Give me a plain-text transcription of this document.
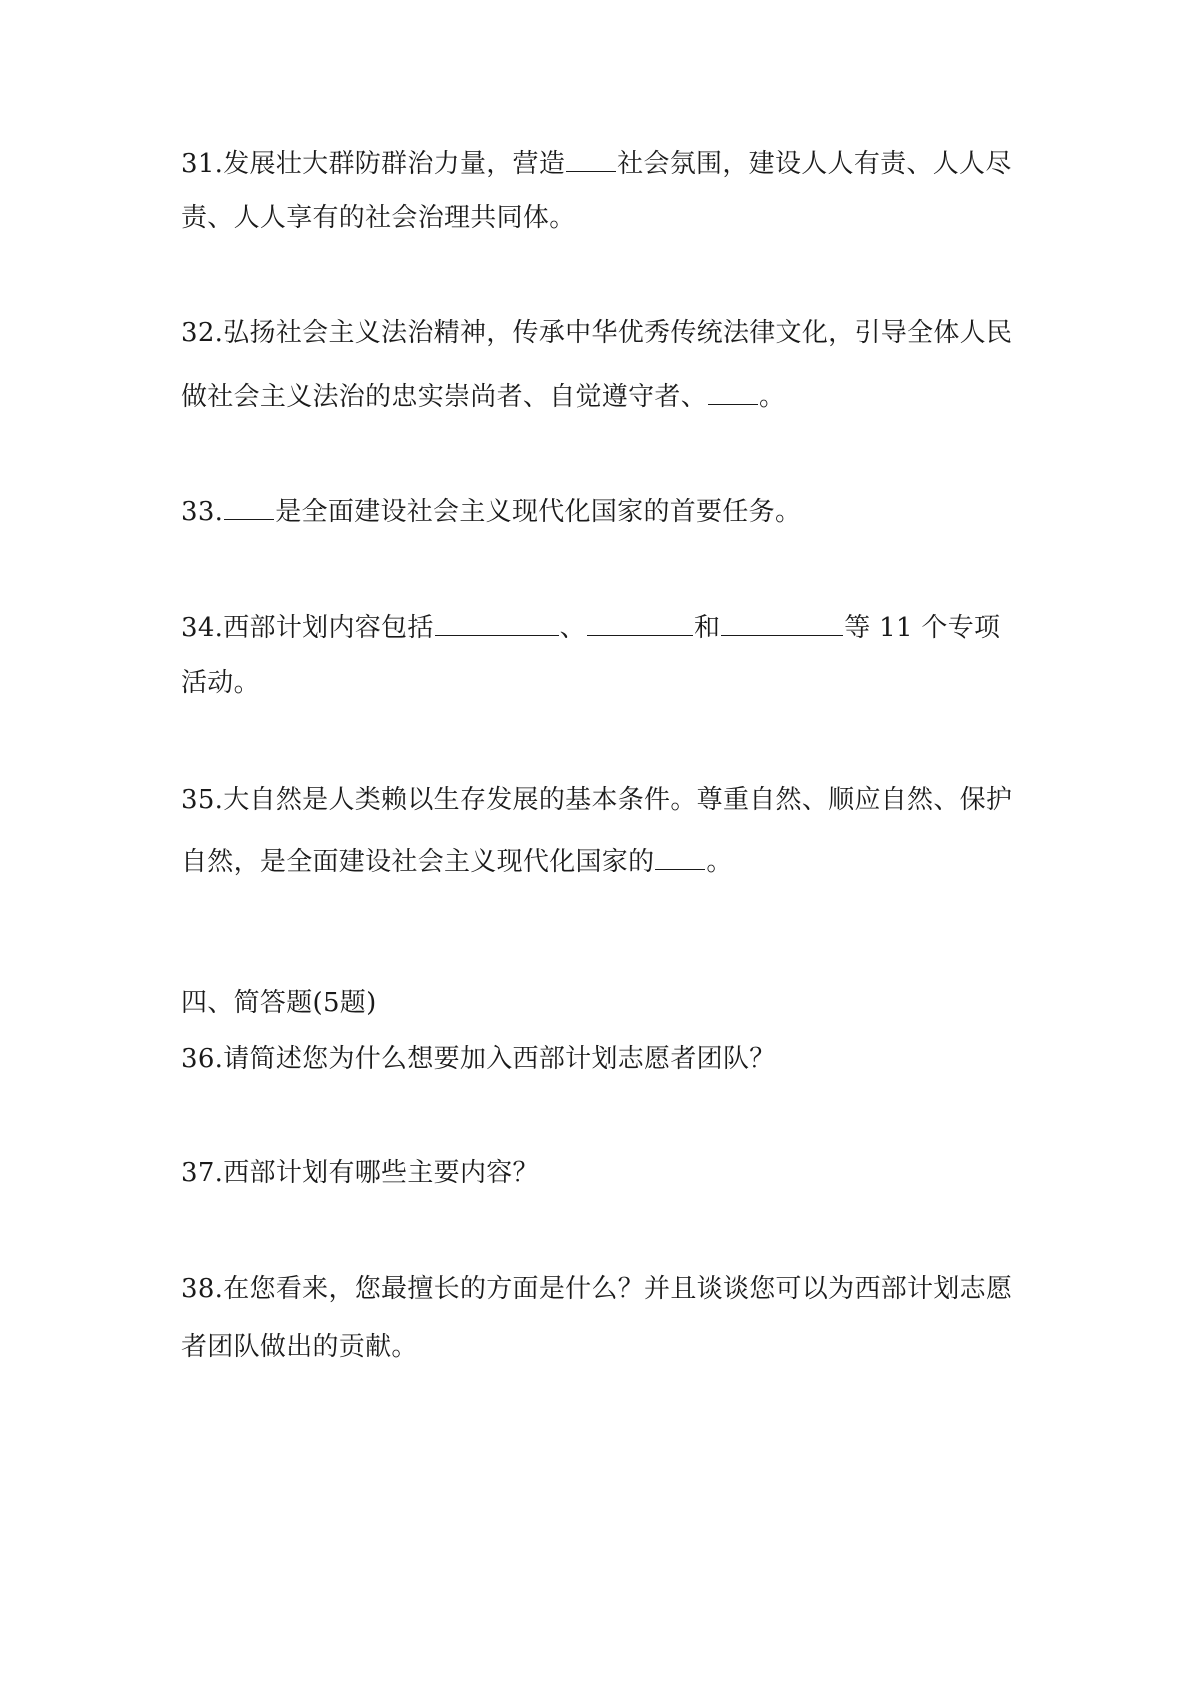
31.发展壮大群防群治力量，营造 社会氛围，建设人人有责、人人尽
责、人人享有的社会治理共同体。
32.弘扬社会主义法治精神，传承中华优秀传统法律文化，引导全体人民
做社会主义法治的忠实崇尚者、自觉遵守者、 。
33. 是全面建设社会主义现代化国家的首要任务。
34.西部计划内容包括	、	和	等 11 个专项
活动。
35.大自然是人类赖以生存发展的基本条件。尊重自然、顺应自然、保护
自然，是全面建设社会主义现代化国家的 。
四、简答题(5题)
36.请简述您为什么想要加入西部计划志愿者团队？
37.西部计划有哪些主要内容？
38.在您看来，您最擅长的方面是什么？并且谈谈您可以为西部计划志愿
者团队做出的贡献。
